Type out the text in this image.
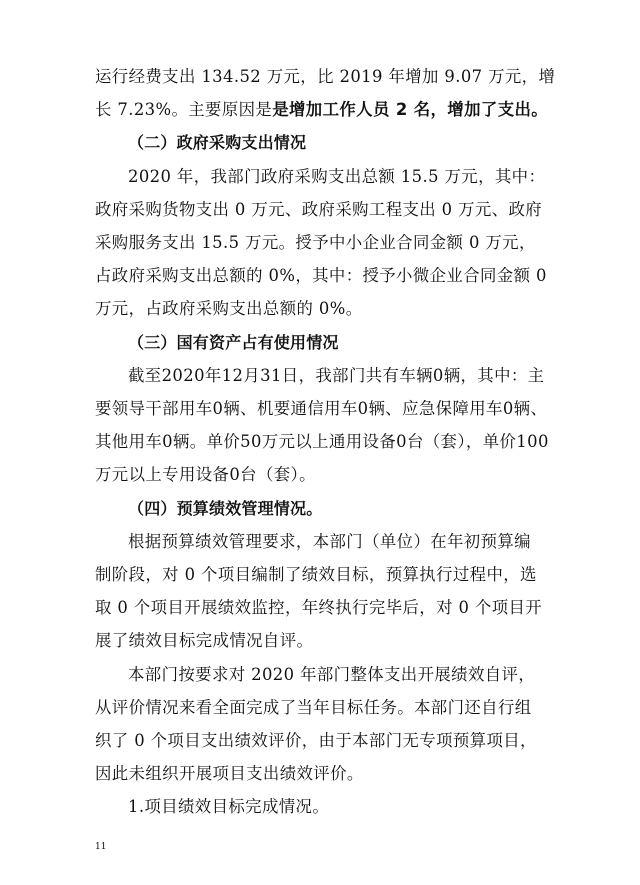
运行经费支出 134.52 万元，比 2019 年增加 9.07 万元，增
长 7.23%。主要原因是是增加工作人员 2 名，增加了支出。
（二）政府采购支出情况
2020 年，我部门政府采购支出总额 15.5 万元，其中：
政府采购货物支出 0 万元、政府采购工程支出 0 万元、政府
采购服务支出 15.5 万元。授予中小企业合同金额 0 万元，
占政府采购支出总额的 0%，其中：授予小微企业合同金额 0
万元，占政府采购支出总额的 0%。
（三）国有资产占有使用情况
截至2020年12月31日，我部门共有车辆0辆，其中：主
要领导干部用车0辆、机要通信用车0辆、应急保障用车0辆、
其他用车0辆。单价50万元以上通用设备0台（套），单价100
万元以上专用设备0台（套）。
（四）预算绩效管理情况。
根据预算绩效管理要求，本部门（单位）在年初预算编
制阶段，对 0 个项目编制了绩效目标，预算执行过程中，选
取 0 个项目开展绩效监控，年终执行完毕后，对 0 个项目开
展了绩效目标完成情况自评。
本部门按要求对 2020 年部门整体支出开展绩效自评，
从评价情况来看全面完成了当年目标任务。本部门还自行组
织了 0 个项目支出绩效评价，由于本部门无专项预算项目，
因此未组织开展项目支出绩效评价。
1.项目绩效目标完成情况。
11
